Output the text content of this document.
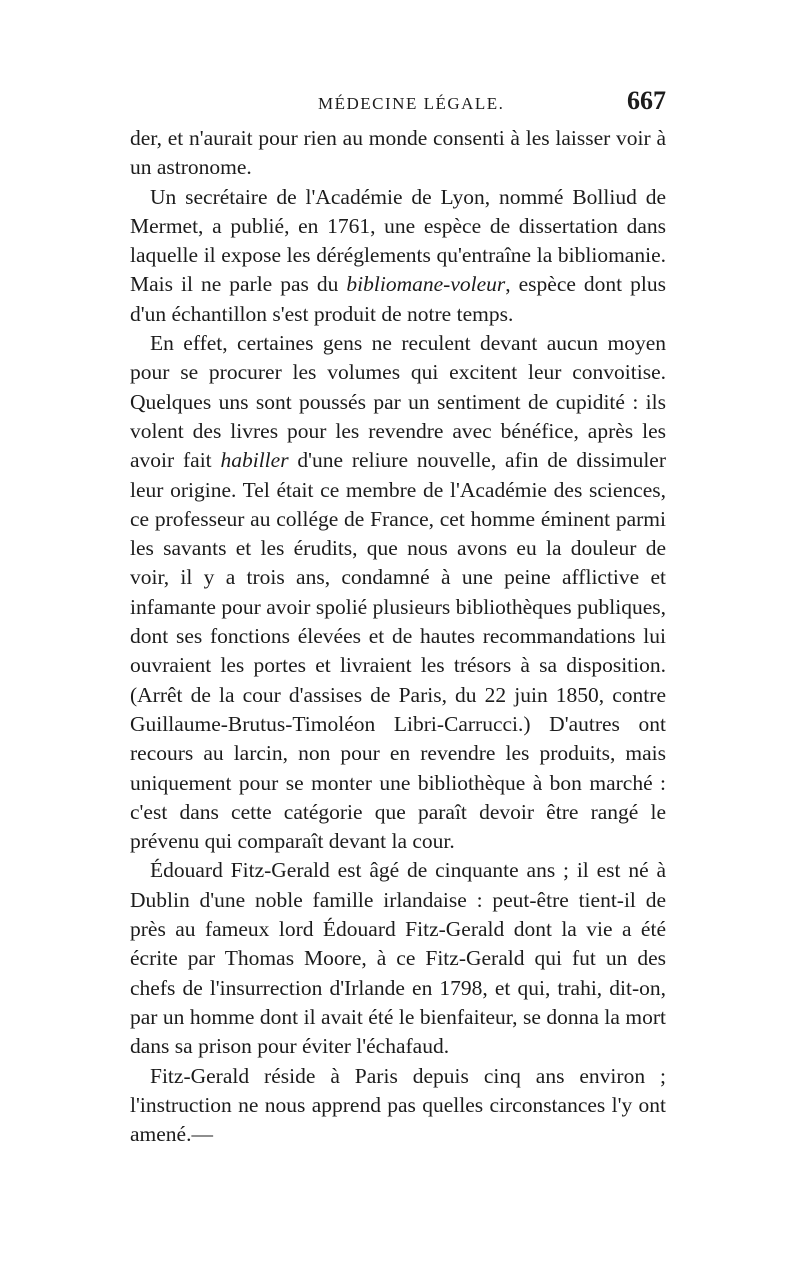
MÉDECINE LÉGALE.	667

der, et n'aurait pour rien au monde consenti à les laisser voir à un astronome.

Un secrétaire de l'Académie de Lyon, nommé Bolliud de Mermet, a publié, en 1761, une espèce de dissertation dans laquelle il expose les déréglements qu'entraîne la bibliomanie. Mais il ne parle pas du bibliomane-voleur, espèce dont plus d'un échantillon s'est produit de notre temps.

En effet, certaines gens ne reculent devant aucun moyen pour se procurer les volumes qui excitent leur convoitise. Quelques uns sont poussés par un sentiment de cupidité : ils volent des livres pour les revendre avec bénéfice, après les avoir fait habiller d'une reliure nouvelle, afin de dissimuler leur origine. Tel était ce membre de l'Académie des sciences, ce professeur au collége de France, cet homme éminent parmi les savants et les érudits, que nous avons eu la douleur de voir, il y a trois ans, condamné à une peine afflictive et infamante pour avoir spolié plusieurs bibliothèques publiques, dont ses fonctions élevées et de hautes recommandations lui ouvraient les portes et livraient les trésors à sa disposition. (Arrêt de la cour d'assises de Paris, du 22 juin 1850, contre Guillaume-Brutus-Timoléon Libri-Carrucci.) D'autres ont recours au larcin, non pour en revendre les produits, mais uniquement pour se monter une bibliothèque à bon marché : c'est dans cette catégorie que paraît devoir être rangé le prévenu qui comparaît devant la cour.

Édouard Fitz-Gerald est âgé de cinquante ans ; il est né à Dublin d'une noble famille irlandaise : peut-être tient-il de près au fameux lord Édouard Fitz-Gerald dont la vie a été écrite par Thomas Moore, à ce Fitz-Gerald qui fut un des chefs de l'insurrection d'Irlande en 1798, et qui, trahi, dit-on, par un homme dont il avait été le bienfaiteur, se donna la mort dans sa prison pour éviter l'échafaud.

Fitz-Gerald réside à Paris depuis cinq ans environ ; l'instruction ne nous apprend pas quelles circonstances l'y ont amené.—
